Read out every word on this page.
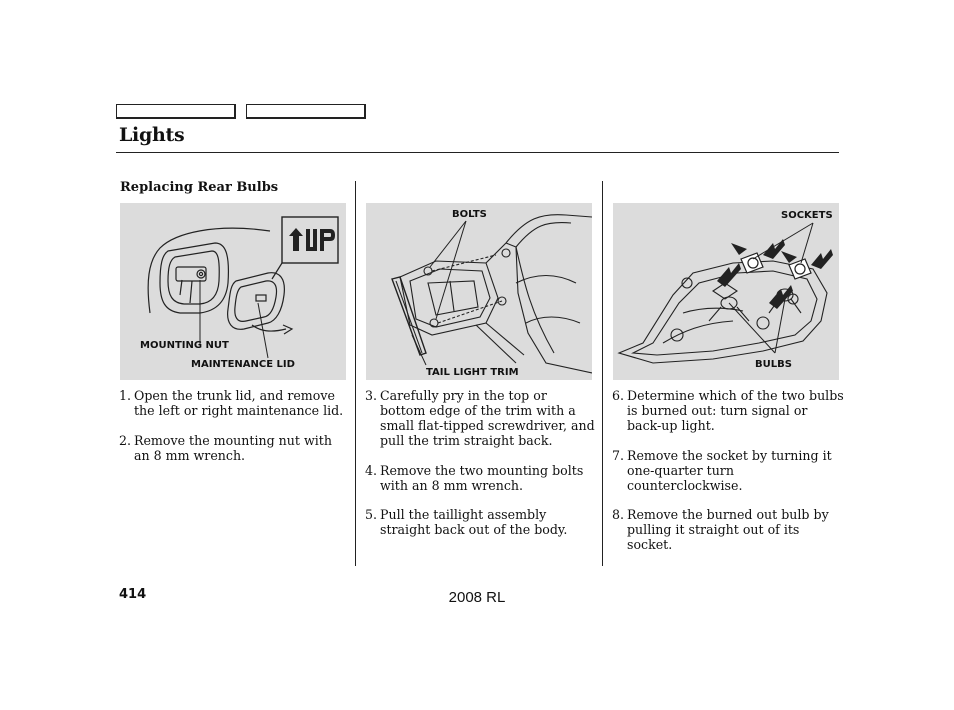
Lights
Replacing Rear Bulbs
MOUNTING NUT
MAINTENANCE LID
BOLTS
TAIL LIGHT TRIM
SOCKETS
BULBS
1. Open the trunk lid, and remove the left or right maintenance lid.
2. Remove the mounting nut with an 8 mm wrench.
3. Carefully pry in the top or bottom edge of the trim with a small flat-tipped screwdriver, and pull the trim straight back.
4. Remove the two mounting bolts with an 8 mm wrench.
5. Pull the taillight assembly straight back out of the body.
6. Determine which of the two bulbs is burned out: turn signal or back-up light.
7. Remove the socket by turning it one-quarter turn counterclockwise.
8. Remove the burned out bulb by pulling it straight out of its socket.
414	2008 RL
